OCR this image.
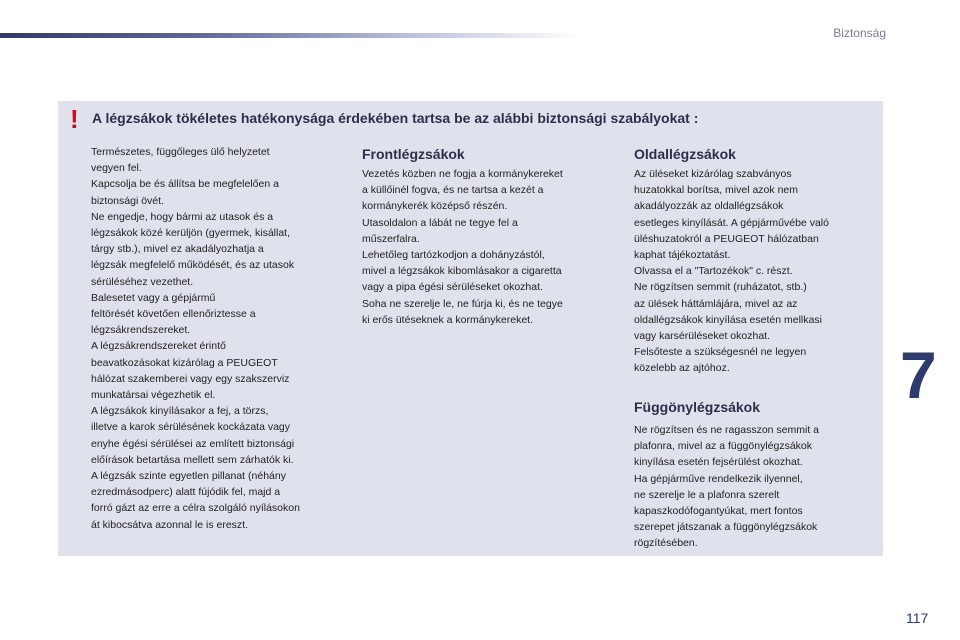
Biztonság
! A légzsákok tökéletes hatékonysága érdekében tartsa be az alábbi biztonsági szabályokat :

Természetes, függőleges ülő helyzetet

vegyen fel.

Kapcsolja be és állítsa be megfelelően a

biztonsági övét.

Ne engedje, hogy bármi az utasok és a

légzsákok közé kerüljön (gyermek, kisállat,

tárgy stb.), mivel ez akadályozhatja a

légzsák megfelelő működését, és az utasok

sérüléséhez vezethet.

Balesetet vagy a gépjármű

feltörését követően ellenőriztesse a

légzsákrendszereket.

A légzsákrendszereket érintő

beavatkozásokat kizárólag a PEUGEOT

hálózat szakemberei vagy egy szakszerviz

munkatársai végezhetik el.

A légzsákok kinyílásakor a fej, a törzs,

illetve a karok sérülésének kockázata vagy

enyhe égési sérülései az említett biztonsági

előírások betartása mellett sem zárhatók ki.

A légzsák szinte egyetlen pillanat (néhány

ezredmásodperc) alatt fújódik fel, majd a

forró gázt az erre a célra szolgáló nyílásokon

át kibocsátva azonnal le is ereszt.

Frontlégzsákok

Vezetés közben ne fogja a kormánykereket

a küllőinél fogva, és ne tartsa a kezét a

kormánykerék középső részén.

Utasoldalon a lábát ne tegye fel a

műszerfalra.

Lehetőleg tartózkodjon a dohányzástól,

mivel a légzsákok kibomlásakor a cigaretta

vagy a pipa égési sérüléseket okozhat.

Soha ne szerelje le, ne fúrja ki, és ne tegye

ki erős ütéseknek a kormánykereket.

Oldallégzsákok

Az üléseket kizárólag szabványos

huzatokkal borítsa, mivel azok nem

akadályozzák az oldallégzsákok

esetleges kinyílását. A gépjárművébe való

üléshuzatokról a PEUGEOT hálózatban

kaphat tájékoztatást.

Olvassa el a "Tartozékok" c. részt.

Ne rögzítsen semmit (ruházatot, stb.)

az ülések háttámlájára, mivel az az

oldallégzsákok kinyílása esetén mellkasi

vagy karsérüléseket okozhat.

Felsőteste a szükségesnél ne legyen

közelebb az ajtóhoz.

Függönylégzsákok

Ne rögzítsen és ne ragasszon semmit a

plafonra, mivel az a függönylégzsákok

kinyílása esetén fejsérülést okozhat.

Ha gépjárműve rendelkezik ilyennel,

ne szerelje le a plafonra szerelt

kapaszkodófogantyúkat, mert fontos

szerepet játszanak a függönylégzsákok

rögzítésében.

7
117
